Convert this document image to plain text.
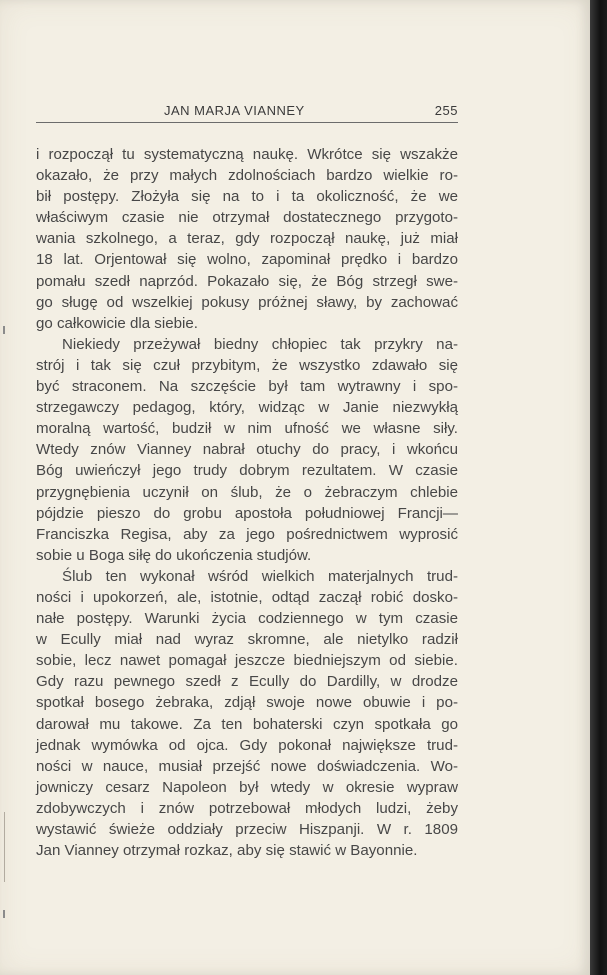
JAN MARJA VIANNEY	255
i rozpoczął tu systematyczną naukę. Wkrótce się wszakże
okazało, że przy małych zdolnościach bardzo wielkie ro-
bił postępy. Złożyła się na to i ta okoliczność, że we
właściwym czasie nie otrzymał dostatecznego przygoto-
wania szkolnego, a teraz, gdy rozpoczął naukę, już miał
18 lat. Orjentował się wolno, zapominał prędko i bardzo
pomału szedł naprzód. Pokazało się, że Bóg strzegł swe-
go sługę od wszelkiej pokusy próżnej sławy, by zachować
go całkowicie dla siebie.
Niekiedy przeżywał biedny chłopiec tak przykry na-
strój i tak się czuł przybitym, że wszystko zdawało się
być straconem. Na szczęście był tam wytrawny i spo-
strzegawczy pedagog, który, widząc w Janie niezwykłą
moralną wartość, budził w nim ufność we własne siły.
Wtedy znów Vianney nabrał otuchy do pracy, i wkońcu
Bóg uwieńczył jego trudy dobrym rezultatem. W czasie
przygnębienia uczynił on ślub, że o żebraczym chlebie
pójdzie pieszo do grobu apostoła południowej Francji—
Franciszka Regisa, aby za jego pośrednictwem wyprosić
sobie u Boga siłę do ukończenia studjów.
Ślub ten wykonał wśród wielkich materjalnych trud-
ności i upokorzeń, ale, istotnie, odtąd zaczął robić dosko-
nałe postępy. Warunki życia codziennego w tym czasie
w Ecully miał nad wyraz skromne, ale nietylko radził
sobie, lecz nawet pomagał jeszcze biedniejszym od siebie.
Gdy razu pewnego szedł z Ecully do Dardilly, w drodze
spotkał bosego żebraka, zdjął swoje nowe obuwie i po-
darował mu takowe. Za ten bohaterski czyn spotkała go
jednak wymówka od ojca. Gdy pokonał największe trud-
ności w nauce, musiał przejść nowe doświadczenia. Wo-
jowniczy cesarz Napoleon był wtedy w okresie wypraw
zdobywczych i znów potrzebował młodych ludzi, żeby
wystawić świeże oddziały przeciw Hiszpanji. W r. 1809
Jan Vianney otrzymał rozkaz, aby się stawić w Bayonnie.
